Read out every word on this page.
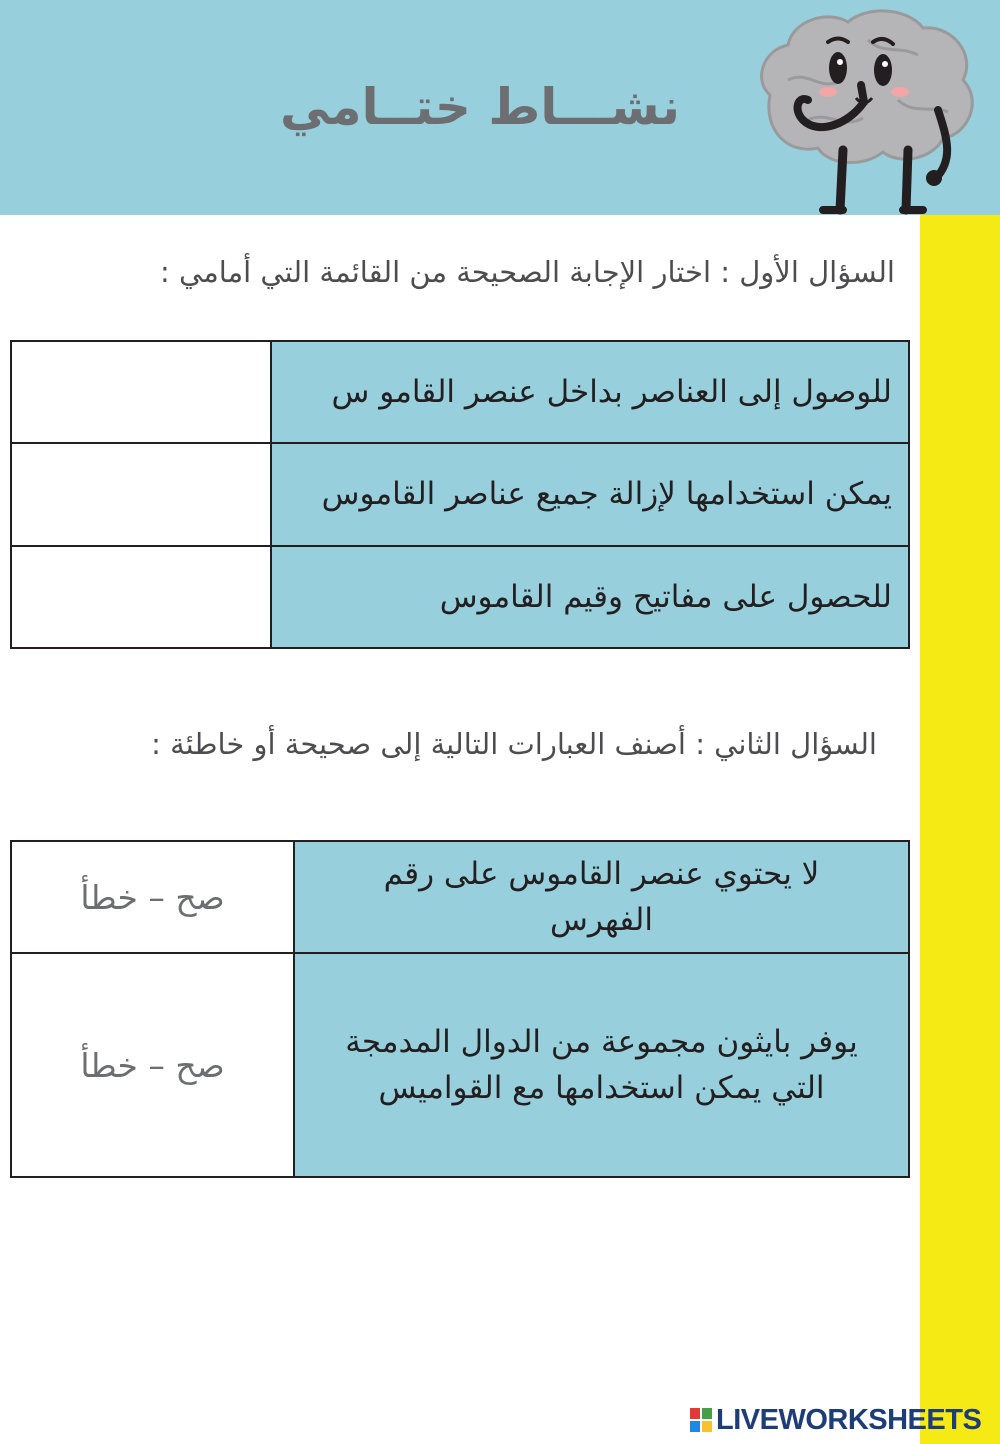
نشـــاط ختــامي
السؤال الأول : اختار الإجابة الصحيحة من القائمة التي أمامي :
للوصول إلى العناصر بداخل عنصر القامو س	
يمكن استخدامها لإزالة جميع عناصر القاموس	
للحصول على مفاتيح وقيم القاموس	
السؤال الثاني : أصنف العبارات التالية إلى صحيحة أو خاطئة :
لا يحتوي عنصر القاموس على رقم الفهرس	صح – خطأ
يوفر بايثون مجموعة من الدوال المدمجة التي يمكن استخدامها مع القواميس	صح – خطأ
LIVEWORKSHEETS
